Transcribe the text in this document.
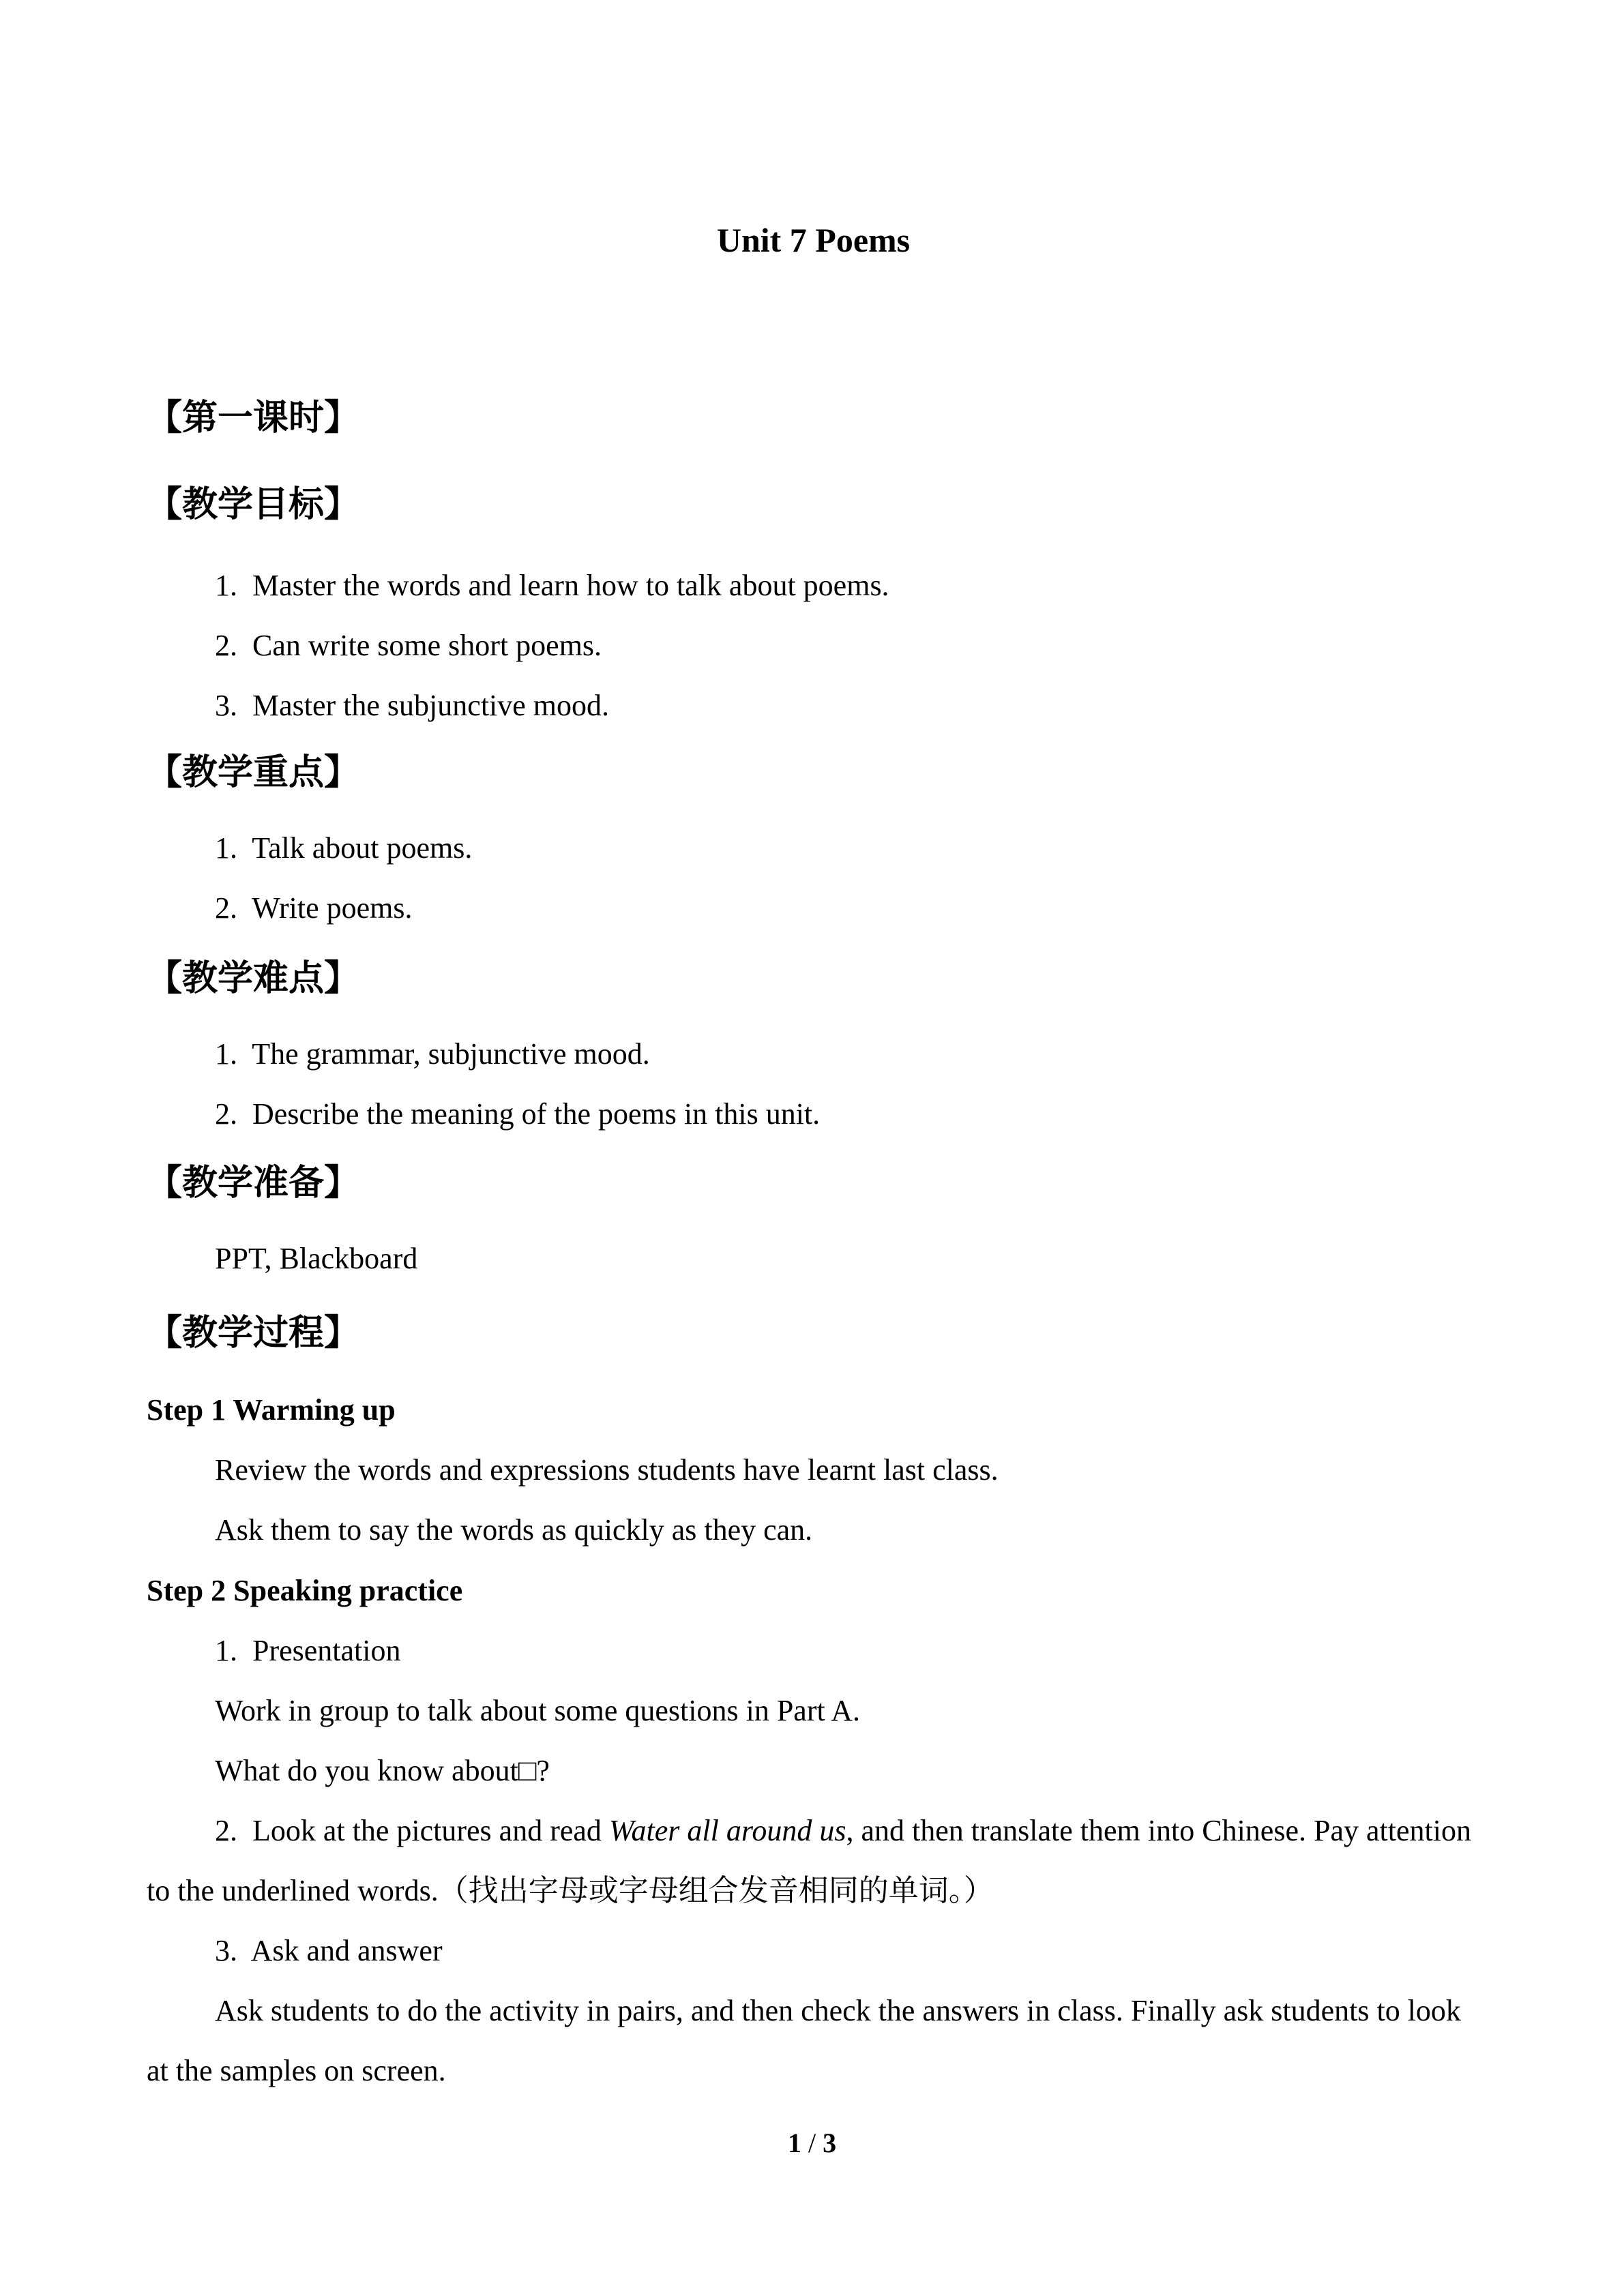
Unit 7 Poems
【第一课时】
【教学目标】
1.  Master the words and learn how to talk about poems.
2.  Can write some short poems.
3.  Master the subjunctive mood.
【教学重点】
1.  Talk about poems.
2.  Write poems.
【教学难点】
1.  The grammar, subjunctive mood.
2.  Describe the meaning of the poems in this unit.
【教学准备】
PPT, Blackboard
【教学过程】
Step 1 Warming up
Review the words and expressions students have learnt last class.
Ask them to say the words as quickly as they can.
Step 2 Speaking practice
1.  Presentation
Work in group to talk about some questions in Part A.
What do you know about□?
2.  Look at the pictures and read Water all around us, and then translate them into Chinese. Pay attention to the underlined words.（找出字母或字母组合发音相同的单词。）
3.  Ask and answer
Ask students to do the activity in pairs, and then check the answers in class. Finally ask students to look at the samples on screen.
1 / 3
